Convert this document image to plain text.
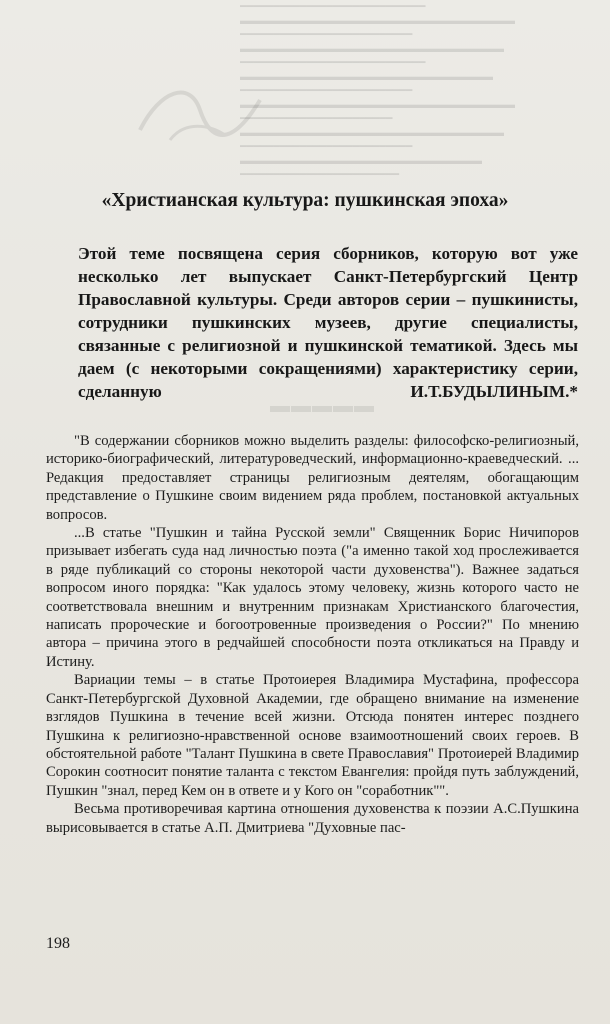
━━━━━━━━━━━━━━━━━━━━━━━━━━━━
▬▬▬▬▬▬▬▬▬▬▬▬▬▬▬▬▬▬▬▬▬▬▬▬▬
━━━━━━━━━━━━━━━━━━━━━━━━━━
▬▬▬▬▬▬▬▬▬▬▬▬▬▬▬▬▬▬▬▬▬▬▬▬
━━━━━━━━━━━━━━━━━━━━━━━━━━━━
▬▬▬▬▬▬▬▬▬▬▬▬▬▬▬▬▬▬▬▬▬▬▬
━━━━━━━━━━━━━━━━━━━━━━━━━━
▬▬▬▬▬▬▬▬▬▬▬▬▬▬▬▬▬▬▬▬▬▬▬▬▬
━━━━━━━━━━━━━━━━━━━━━━━
▬▬▬▬▬▬▬▬▬▬▬▬▬▬▬▬▬▬▬▬▬▬▬▬
━━━━━━━━━━━━━━━━━━━━━━━━━━
▬▬▬▬▬▬▬▬▬▬▬▬▬▬▬▬▬▬▬▬▬▬
━━━━━━━━━━━━━━━━━━━━━━━━
▬▬▬▬▬
«Христианская культура: пушкинская эпоха»
Этой теме посвящена серия сборников, которую вот уже несколько лет выпускает Санкт-Петербургский Центр Православной культуры. Среди авторов серии – пушкинисты, сотрудники пушкинских музеев, другие специалисты, связанные с религиозной и пушкинской тематикой. Здесь мы даем (с некоторыми сокращениями) характеристику серии, сделанную И.Т.БУДЫЛИНЫМ.*

"В содержании сборников можно выделить разделы: философско-религиозный, историко-биографический, литературоведческий, информационно-краеведческий. ... Редакция предоставляет страницы религиозным деятелям, обогащающим представление о Пушкине своим видением ряда проблем, постановкой актуальных вопросов.

...В статье "Пушкин и тайна Русской земли" Священник Борис Ничипоров призывает избегать суда над личностью поэта ("а именно такой ход прослеживается в ряде публикаций со стороны некоторой части духовенства"). Важнее задаться вопросом иного порядка: "Как удалось этому человеку, жизнь которого часто не соответствовала внешним и внутренним признакам Христианского благочестия, написать пророческие и богоотровенные произведения о России?" По мнению автора – причина этого в редчайшей способности поэта откликаться на Правду и Истину.

Вариации темы – в статье Протоиерея Владимира Мустафина, профессора Санкт-Петербургской Духовной Академии, где обращено внимание на изменение взглядов Пушкина в течение всей жизни. Отсюда понятен интерес позднего Пушкина к религиозно-нравственной основе взаимоотношений своих героев. В обстоятельной работе "Талант Пушкина в свете Православия" Протоиерей Владимир Сорокин соотносит понятие таланта с текстом Евангелия: пройдя путь заблуждений, Пушкин "знал, перед Кем он в ответе и у Кого он "соработник"".

Весьма противоречивая картина отношения духовенства к поэзии А.С.Пушкина вырисовывается в статье А.П. Дмитриева "Духовные пас-

198
